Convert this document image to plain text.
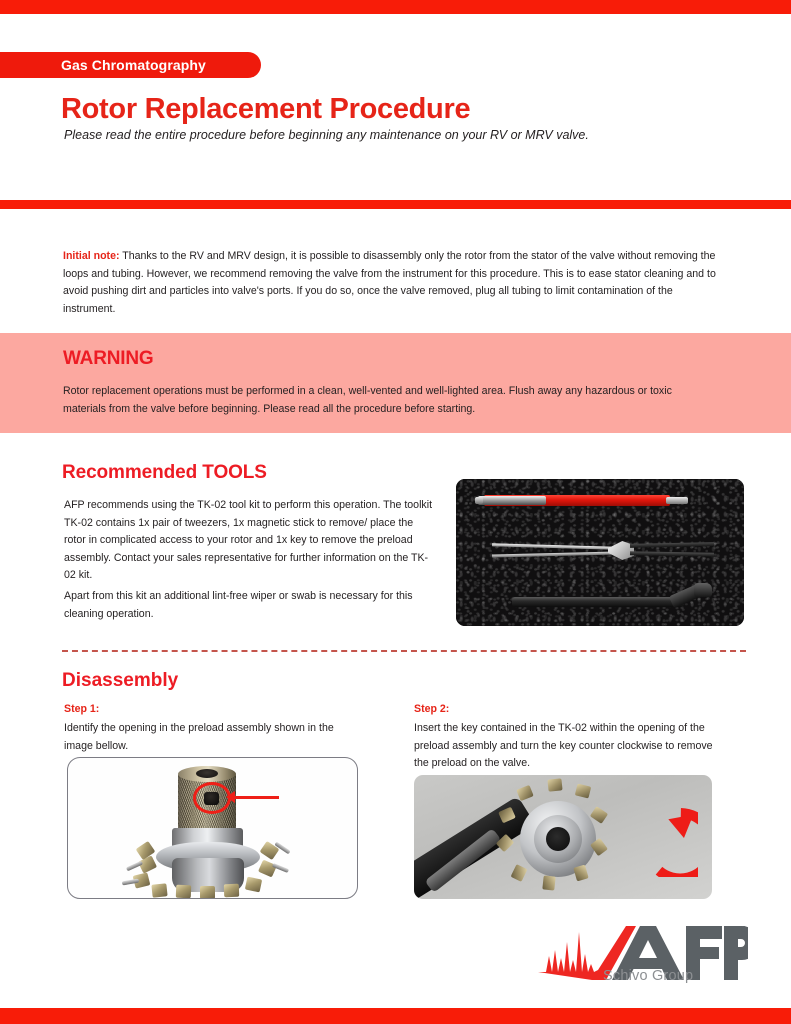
Gas Chromatography
Rotor Replacement Procedure
Please read the entire procedure before beginning any maintenance on your RV or MRV valve.

Initial note: Thanks to the RV and MRV design, it is possible to disassembly only the rotor from the stator of the valve without removing the loops and tubing. However, we recommend removing the valve from the instrument for this procedure. This is to ease stator cleaning and to avoid pushing dirt and particles into valve's ports. If you do so, once the valve removed, plug all tubing to limit contamination of the instrument.

WARNING

Rotor replacement operations must be performed in a clean, well-vented and well-lighted area. Flush away any hazardous or toxic materials from the valve before beginning. Please read all the procedure before starting.

Recommended TOOLS

AFP recommends using the TK-02 tool kit to perform this operation. The toolkit TK-02 contains 1x pair of tweezers, 1x magnetic stick to remove/ place the rotor in complicated access to your rotor and 1x key to remove the preload assembly. Contact your sales representative for further information on the TK-02 kit.

Apart from this kit an additional lint-free wiper or swab is necessary for this cleaning operation.

Disassembly
Step 1:

Identify the opening in the preload assembly shown in the image bellow.

Step 2:

Insert the key contained in the TK-02 within the opening of the preload assembly and turn the key counter clockwise to remove the preload on the valve.

Schivo Group
